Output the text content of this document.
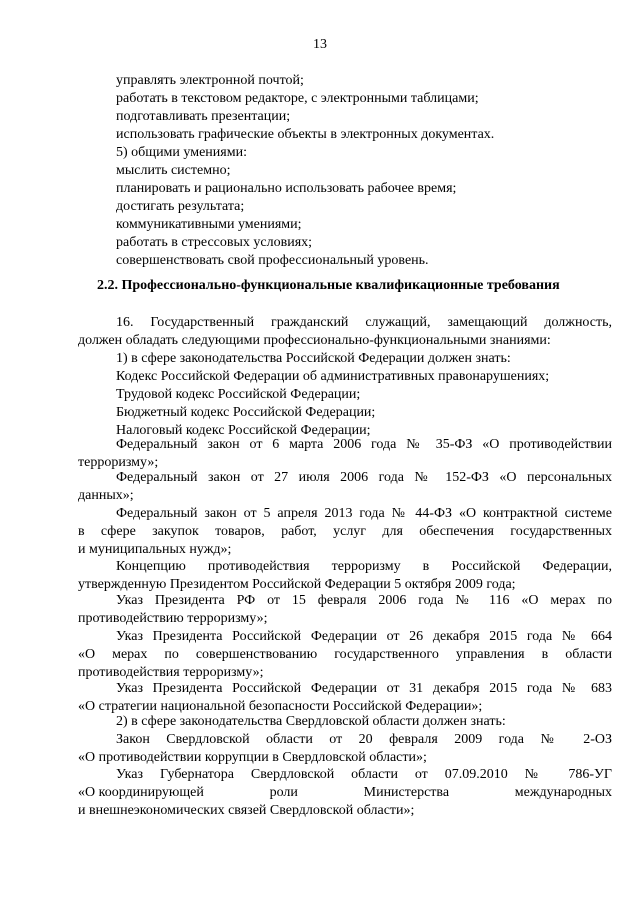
13
управлять электронной почтой;
работать в текстовом редакторе, с электронными таблицами;
подготавливать презентации;
использовать графические объекты в электронных документах.
5) общими умениями:
мыслить системно;
планировать и рационально использовать рабочее время;
достигать результата;
коммуникативными умениями;
работать в стрессовых условиях;
совершенствовать свой профессиональный уровень.
2.2. Профессионально-функциональные квалификационные требования
16. Государственный гражданский служащий, замещающий должность,
должен обладать следующими профессионально-функциональными знаниями:
1) в сфере законодательства Российской Федерации должен знать:
Кодекс Российской Федерации об административных правонарушениях;
Трудовой кодекс Российской Федерации;
Бюджетный кодекс Российской Федерации;
Налоговый кодекс Российской Федерации;
Федеральный закон от 6 марта 2006 года № 35-ФЗ «О противодействии
терроризму»;
Федеральный закон от 27 июля 2006 года № 152-ФЗ «О персональных
данных»;
Федеральный закон от 5 апреля 2013 года № 44-ФЗ «О контрактной системе
в сфере закупок товаров, работ, услуг для обеспечения государственных
и муниципальных нужд»;
Концепцию противодействия терроризму в Российской Федерации,
утвержденную Президентом Российской Федерации 5 октября 2009 года;
Указ Президента РФ от 15 февраля 2006 года № 116 «О мерах по
противодействию терроризму»;
Указ Президента Российской Федерации от 26 декабря 2015 года № 664
«О мерах по совершенствованию государственного управления в области
противодействия терроризму»;
Указ Президента Российской Федерации от 31 декабря 2015 года № 683
«О стратегии национальной безопасности Российской Федерации»;
2) в сфере законодательства Свердловской области должен знать:
Закон Свердловской области от 20 февраля 2009 года № 2-ОЗ
«О противодействии коррупции в Свердловской области»;
Указ Губернатора Свердловской области от 07.09.2010 № 786-УГ
«О координирующей	роли	Министерства	международных
и внешнеэкономических связей Свердловской области»;
